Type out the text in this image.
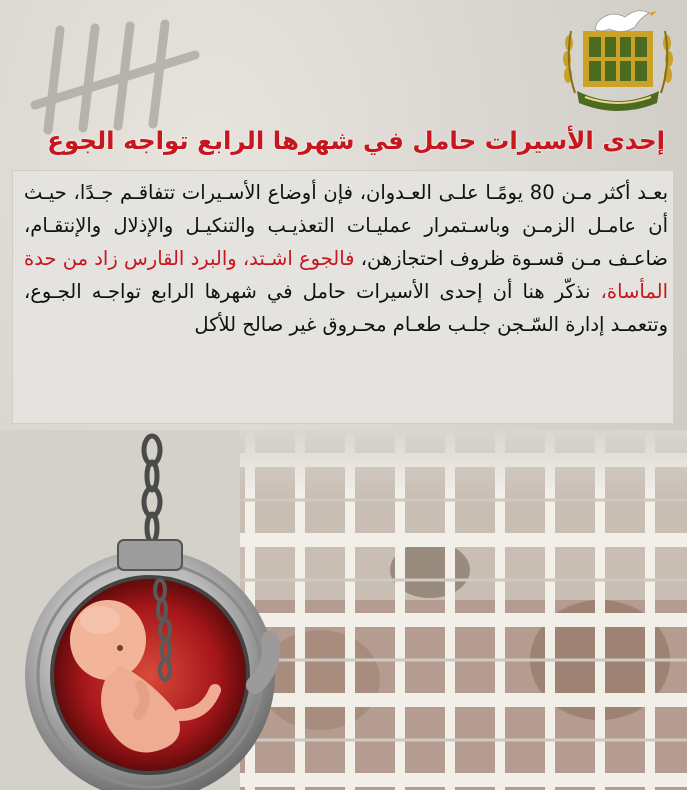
إحدى الأسيرات حامل في شهرها الرابع تواجه الجوع
بعـد أكثر مـن 80 يومًـا علـى العـدوان، فإن أوضاع الأسـيرات تتفاقـم جـدًا، حيـث أن عامـل الزمـن وباسـتمرار عمليـات التعذيـب والتنكيـل والإذلال والإنتقـام، ضاعـف مـن قسـوة ظروف احتجازهن، فالجوع اشـتد، والبرد القارس زاد من حدة المأساة، نذكّر هنا أن إحدى الأسيرات حامل في شهرها الرابع تواجـه الجـوع، وتتعمـد إدارة السّـجن جلـب طعـام محـروق غير صالح للأكل
